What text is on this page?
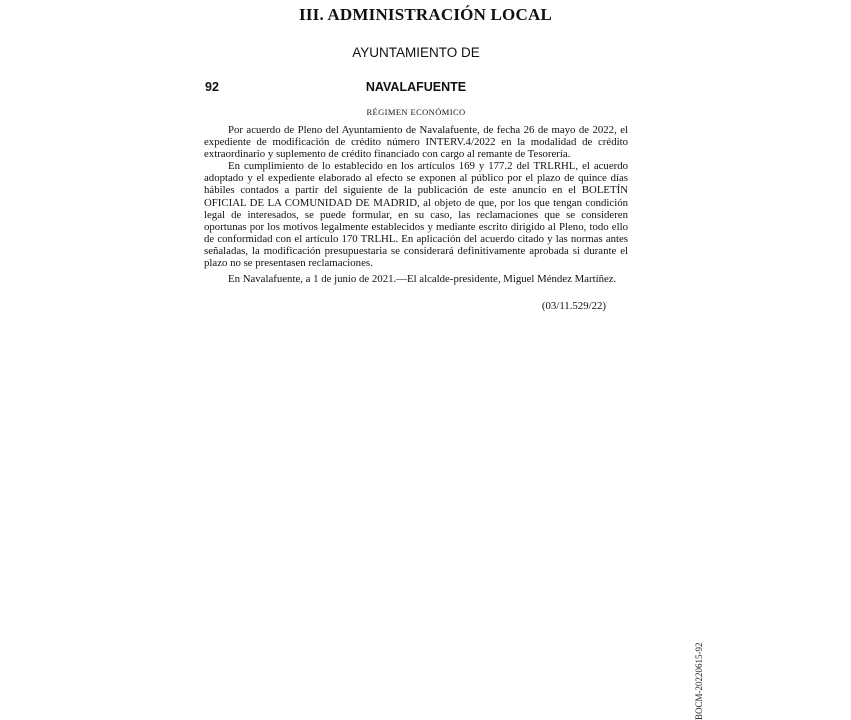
III. ADMINISTRACIÓN LOCAL
AYUNTAMIENTO DE
92	NAVALAFUENTE
RÉGIMEN ECONÓMICO

Por acuerdo de Pleno del Ayuntamiento de Navalafuente, de fecha 26 de mayo de 2022, el expediente de modificación de crédito número INTERV.4/2022 en la modalidad de crédito extraordinario y suplemento de crédito financiado con cargo al remante de Tesorería.

En cumplimiento de lo establecido en los artículos 169 y 177.2 del TRLRHL, el acuerdo adoptado y el expediente elaborado al efecto se exponen al público por el plazo de quince días hábiles contados a partir del siguiente de la publicación de este anuncio en el BOLETÍN OFICIAL DE LA COMUNIDAD DE MADRID, al objeto de que, por los que tengan condición legal de interesados, se puede formular, en su caso, las reclamaciones que se consideren oportunas por los motivos legalmente establecidos y mediante escrito dirigido al Pleno, todo ello de conformidad con el artículo 170 TRLHL. En aplicación del acuerdo citado y las normas antes señaladas, la modificación presupuestaria se considerará definitivamente aprobada si durante el plazo no se presentasen reclamaciones.

En Navalafuente, a 1 de junio de 2021.—El alcalde-presidente, Miguel Méndez Martíñez.

(03/11.529/22)
BOCM-20220615-92
